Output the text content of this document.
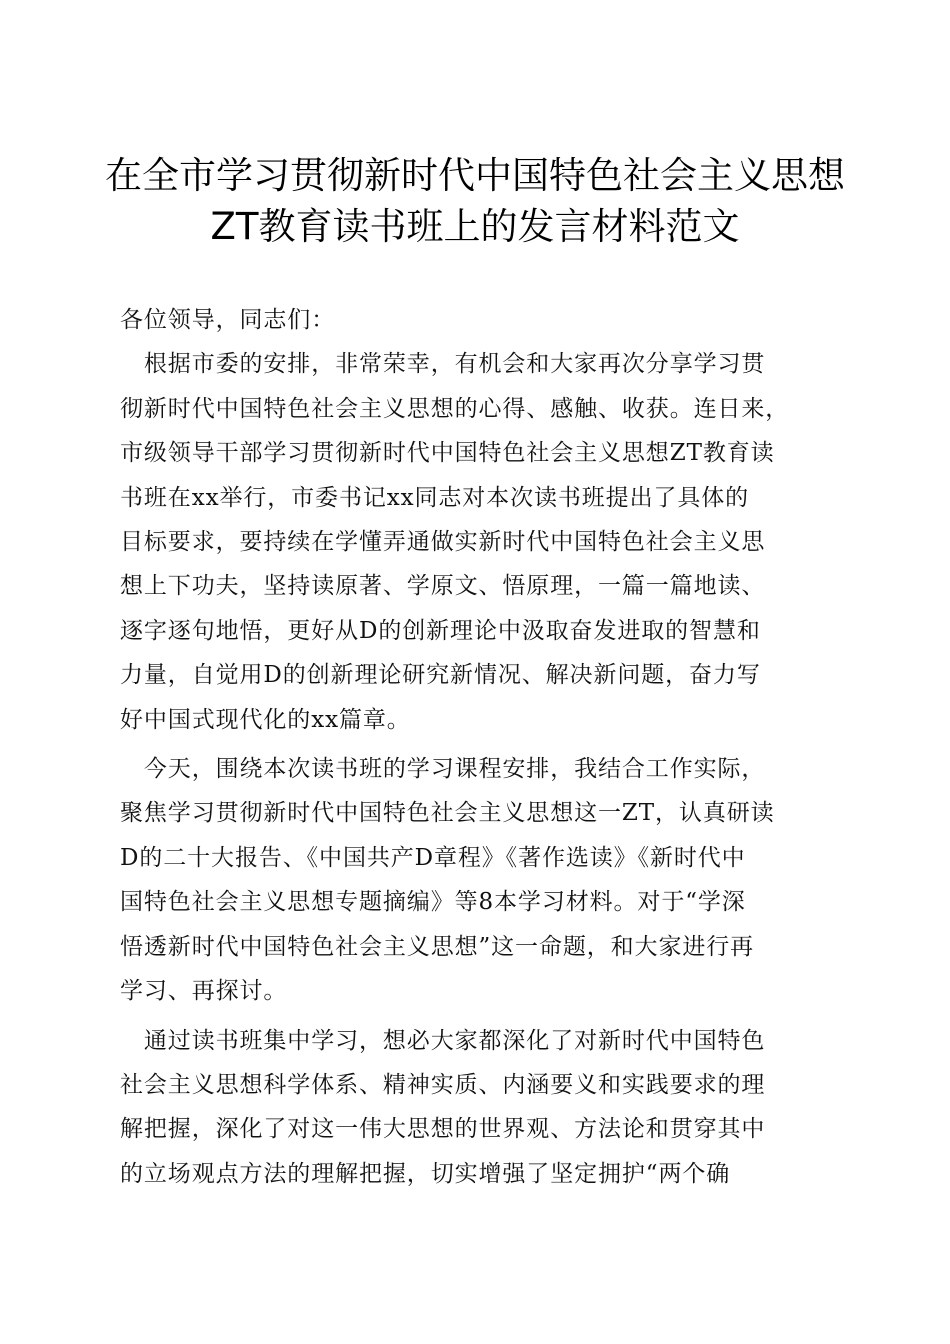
在全市学习贯彻新时代中国特色社会主义思想
ZT教育读书班上的发言材料范文
各位领导，同志们：
　根据市委的安排，非常荣幸，有机会和大家再次分享学习贯
彻新时代中国特色社会主义思想的心得、感触、收获。连日来，
市级领导干部学习贯彻新时代中国特色社会主义思想ZT教育读
书班在xx举行，市委书记xx同志对本次读书班提出了具体的
目标要求，要持续在学懂弄通做实新时代中国特色社会主义思
想上下功夫，坚持读原著、学原文、悟原理，一篇一篇地读、
逐字逐句地悟，更好从D的创新理论中汲取奋发进取的智慧和
力量，自觉用D的创新理论研究新情况、解决新问题，奋力写
好中国式现代化的xx篇章。
　今天，围绕本次读书班的学习课程安排，我结合工作实际，
聚焦学习贯彻新时代中国特色社会主义思想这一ZT，认真研读
D的二十大报告、《中国共产D章程》《著作选读》《新时代中
国特色社会主义思想专题摘编》等8本学习材料。对于“学深
悟透新时代中国特色社会主义思想”这一命题，和大家进行再
学习、再探讨。
　通过读书班集中学习，想必大家都深化了对新时代中国特色
社会主义思想科学体系、精神实质、内涵要义和实践要求的理
解把握，深化了对这一伟大思想的世界观、方法论和贯穿其中
的立场观点方法的理解把握，切实增强了坚定拥护“两个确
